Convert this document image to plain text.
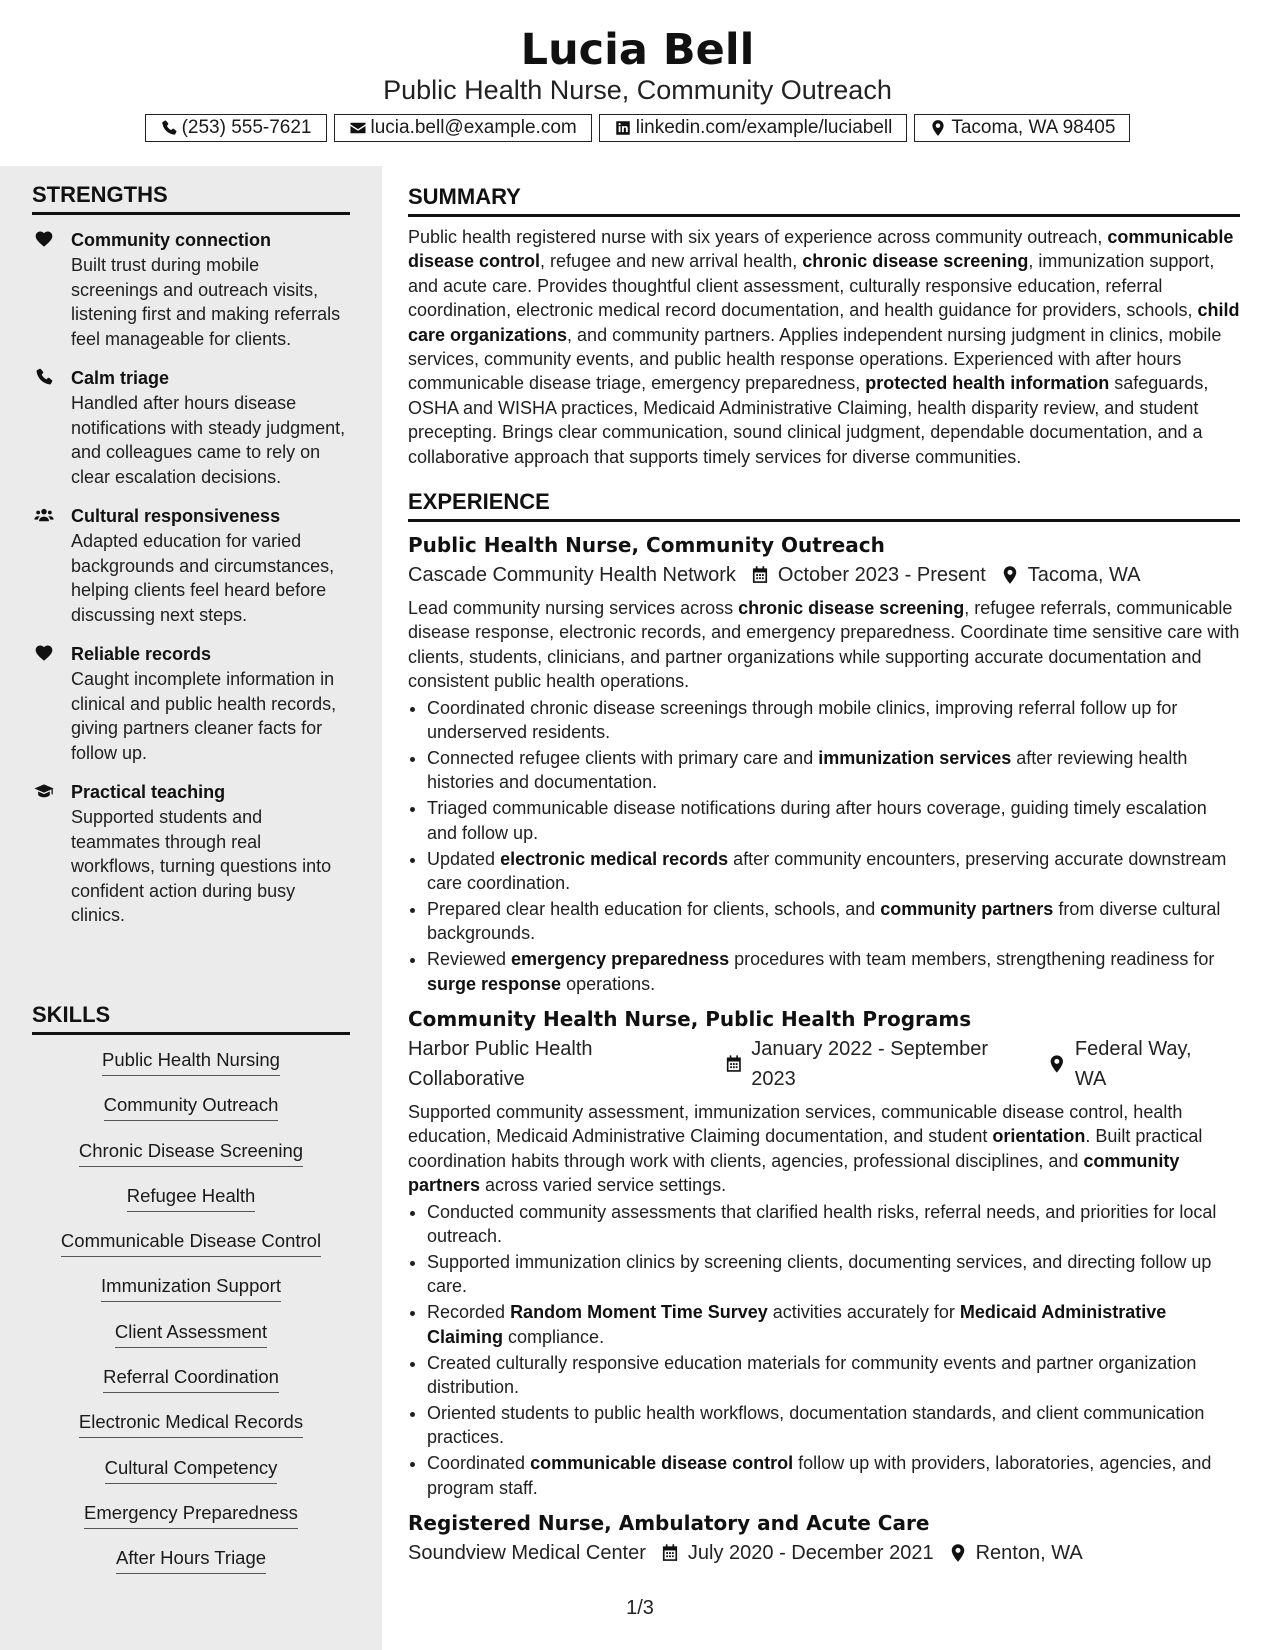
Lucia Bell
Public Health Nurse, Community Outreach
(253) 555-7621	lucia.bell@example.com	linkedin.com/example/luciabell	Tacoma, WA 98405
STRENGTHS
Community connection
Built trust during mobile screenings and outreach visits, listening first and making referrals feel manageable for clients.
Calm triage
Handled after hours disease notifications with steady judgment, and colleagues came to rely on clear escalation decisions.
Cultural responsiveness
Adapted education for varied backgrounds and circumstances, helping clients feel heard before discussing next steps.
Reliable records
Caught incomplete information in clinical and public health records, giving partners cleaner facts for follow up.
Practical teaching
Supported students and teammates through real workflows, turning questions into confident action during busy clinics.
SKILLS
Public Health Nursing
Community Outreach
Chronic Disease Screening
Refugee Health
Communicable Disease Control
Immunization Support
Client Assessment
Referral Coordination
Electronic Medical Records
Cultural Competency
Emergency Preparedness
After Hours Triage
SUMMARY

Public health registered nurse with six years of experience across community outreach, communicable disease control, refugee and new arrival health, chronic disease screening, immunization support, and acute care. Provides thoughtful client assessment, culturally responsive education, referral coordination, electronic medical record documentation, and health guidance for providers, schools, child care organizations, and community partners. Applies independent nursing judgment in clinics, mobile services, community events, and public health response operations. Experienced with after hours communicable disease triage, emergency preparedness, protected health information safeguards, OSHA and WISHA practices, Medicaid Administrative Claiming, health disparity review, and student precepting. Brings clear communication, sound clinical judgment, dependable documentation, and a collaborative approach that supports timely services for diverse communities.

EXPERIENCE
Public Health Nurse, Community Outreach
Cascade Community Health Network October 2023 - Present Tacoma, WA

Lead community nursing services across chronic disease screening, refugee referrals, communicable disease response, electronic records, and emergency preparedness. Coordinate time sensitive care with clients, students, clinicians, and partner organizations while supporting accurate documentation and consistent public health operations.

• Coordinated chronic disease screenings through mobile clinics, improving referral follow up for underserved residents.
• Connected refugee clients with primary care and immunization services after reviewing health histories and documentation.
• Triaged communicable disease notifications during after hours coverage, guiding timely escalation and follow up.
• Updated electronic medical records after community encounters, preserving accurate downstream care coordination.
• Prepared clear health education for clients, schools, and community partners from diverse cultural backgrounds.
• Reviewed emergency preparedness procedures with team members, strengthening readiness for surge response operations.
Community Health Nurse, Public Health Programs
Harbor Public Health Collaborative
January 2022 - September 2023
Federal Way, WA

Supported community assessment, immunization services, communicable disease control, health education, Medicaid Administrative Claiming documentation, and student orientation. Built practical coordination habits through work with clients, agencies, professional disciplines, and community partners across varied service settings.

• Conducted community assessments that clarified health risks, referral needs, and priorities for local outreach.
• Supported immunization clinics by screening clients, documenting services, and directing follow up care.
• Recorded Random Moment Time Survey activities accurately for Medicaid Administrative Claiming compliance.
• Created culturally responsive education materials for community events and partner organization distribution.
• Oriented students to public health workflows, documentation standards, and client communication practices.
• Coordinated communicable disease control follow up with providers, laboratories, agencies, and program staff.
Registered Nurse, Ambulatory and Acute Care
Soundview Medical Center July 2020 - December 2021 Renton, WA
1/3
